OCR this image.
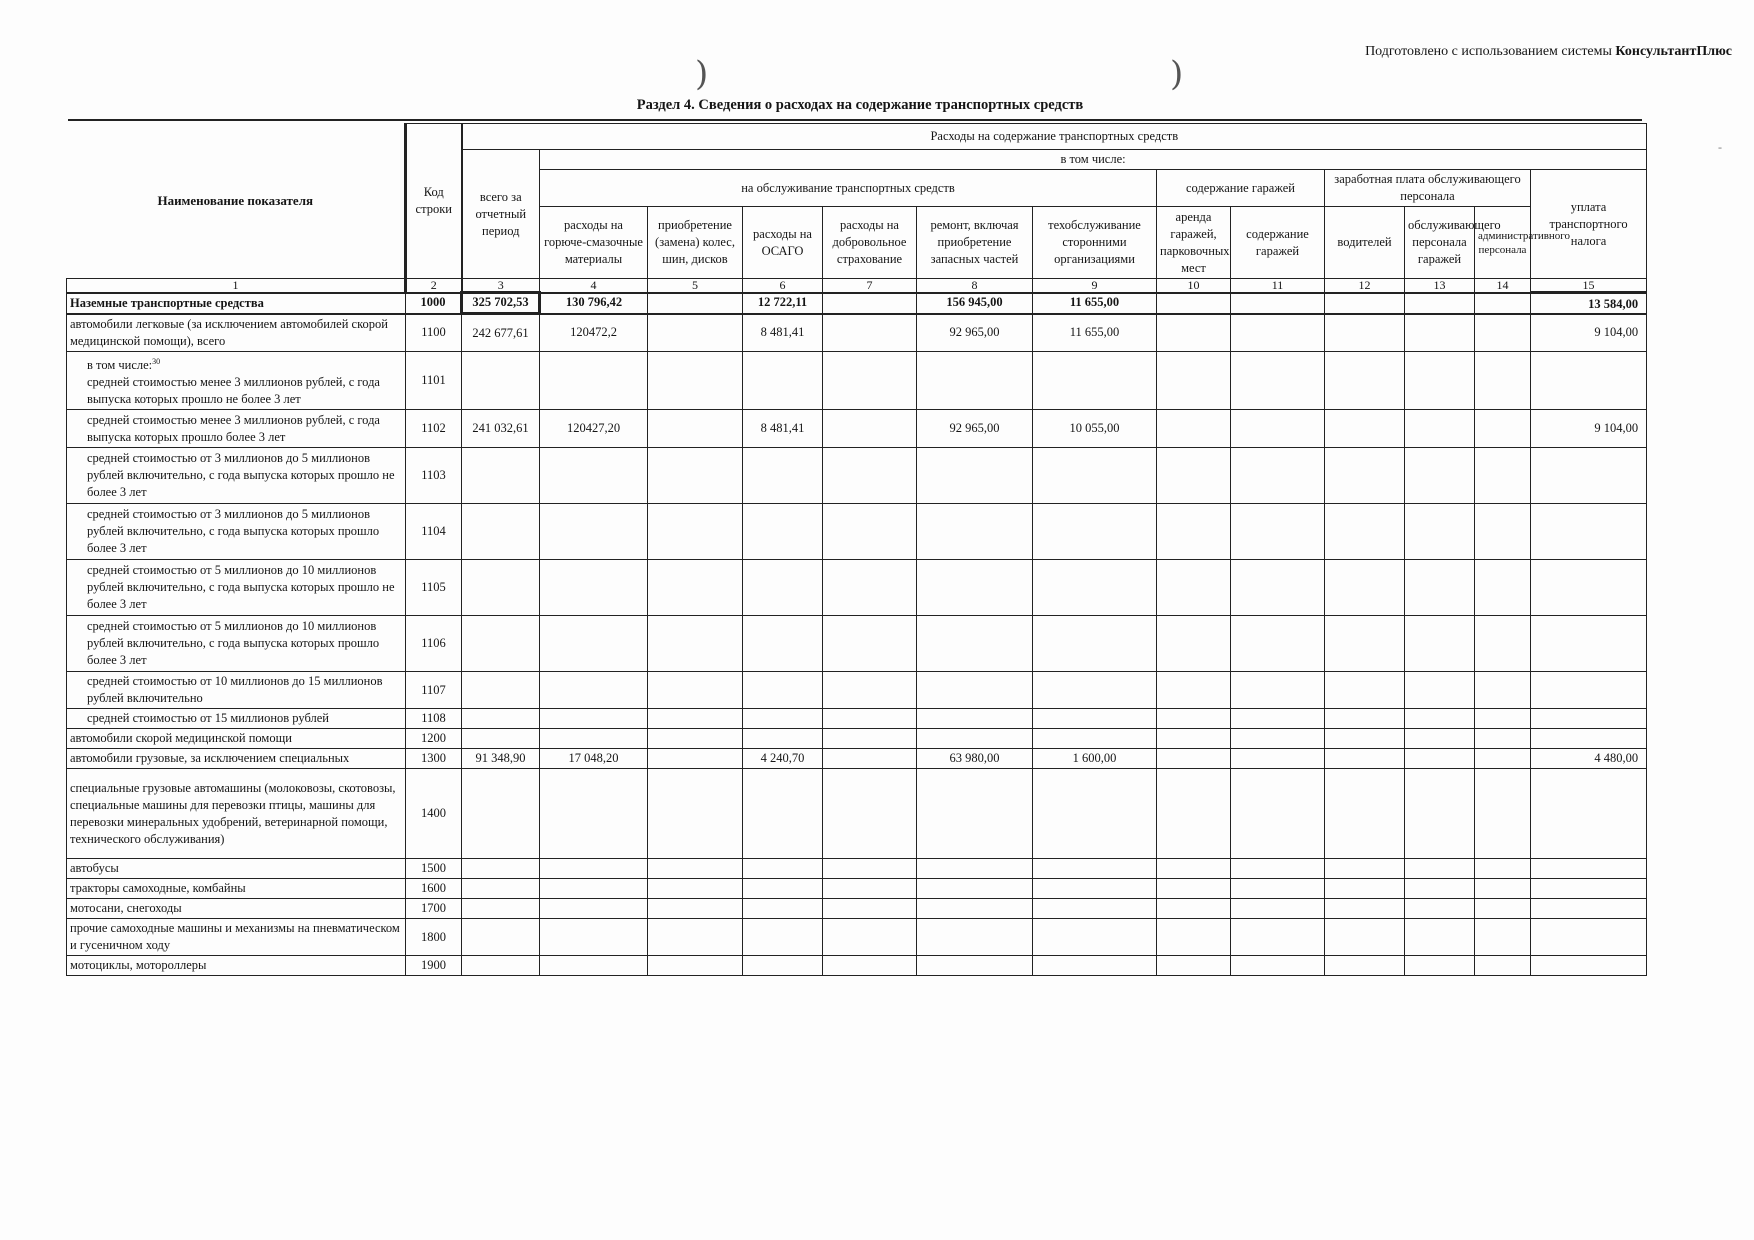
Подготовлено с использованием системы КонсультантПлюс
)	)
-
Раздел 4. Сведения о расходах на содержание транспортных средств
Наименование показателя	Код строки	Расходы на содержание транспортных средств												
		всего за отчетный период	в том числе:											
			на обслуживание транспортных средств						содержание гаражей		заработная плата обслуживающего персонала			уплата транспортного налога
			расходы на горюче-смазочные материалы	приобретение (замена) колес, шин, дисков	расходы на ОСАГО	расходы на добровольное страхование	ремонт, включая приобретение запасных частей	техобслуживание сторонними организациями	аренда гаражей, парковочных мест	содержание гаражей	водителей	обслуживающего персонала гаражей	административного персонала	
1	2	3	4	5	6	7	8	9	10	11	12	13	14	15
Наземные транспортные средства	1000	325 702,53	130 796,42		12 722,11		156 945,00	11 655,00						13 584,00
автомобили легковые (за исключением автомобилей скорой медицинской помощи), всего	1100	242 677,61	120472,2		8 481,41		92 965,00	11 655,00						9 104,00
в том числе:$^{30}$
средней стоимостью менее 3 миллионов рублей, с года выпуска которых прошло не более 3 лет	1101													
средней стоимостью менее 3 миллионов рублей, с года выпуска которых прошло более 3 лет	1102	241 032,61	120427,20		8 481,41		92 965,00	10 055,00						9 104,00
средней стоимостью от 3 миллионов до 5 миллионов рублей включительно, с года выпуска которых прошло не более 3 лет	1103													
средней стоимостью от 3 миллионов до 5 миллионов рублей включительно, с года выпуска которых прошло более 3 лет	1104													
средней стоимостью от 5 миллионов до 10 миллионов рублей включительно, с года выпуска которых прошло не более 3 лет	1105													
средней стоимостью от 5 миллионов до 10 миллионов рублей включительно, с года выпуска которых прошло более 3 лет	1106													
средней стоимостью от 10 миллионов до 15 миллионов рублей включительно	1107													
средней стоимостью от 15 миллионов рублей	1108													
автомобили скорой медицинской помощи	1200													
автомобили грузовые, за исключением специальных	1300	91 348,90	17 048,20		4 240,70		63 980,00	1 600,00						4 480,00
специальные грузовые автомашины (молоковозы, скотовозы, специальные машины для перевозки птицы, машины для перевозки минеральных удобрений, ветеринарной помощи, технического обслуживания)	1400													
автобусы	1500													
тракторы самоходные, комбайны	1600													
мотосани, снегоходы	1700													
прочие самоходные машины и механизмы на пневматическом и гусеничном ходу	1800													
мотоциклы, мотороллеры	1900													
